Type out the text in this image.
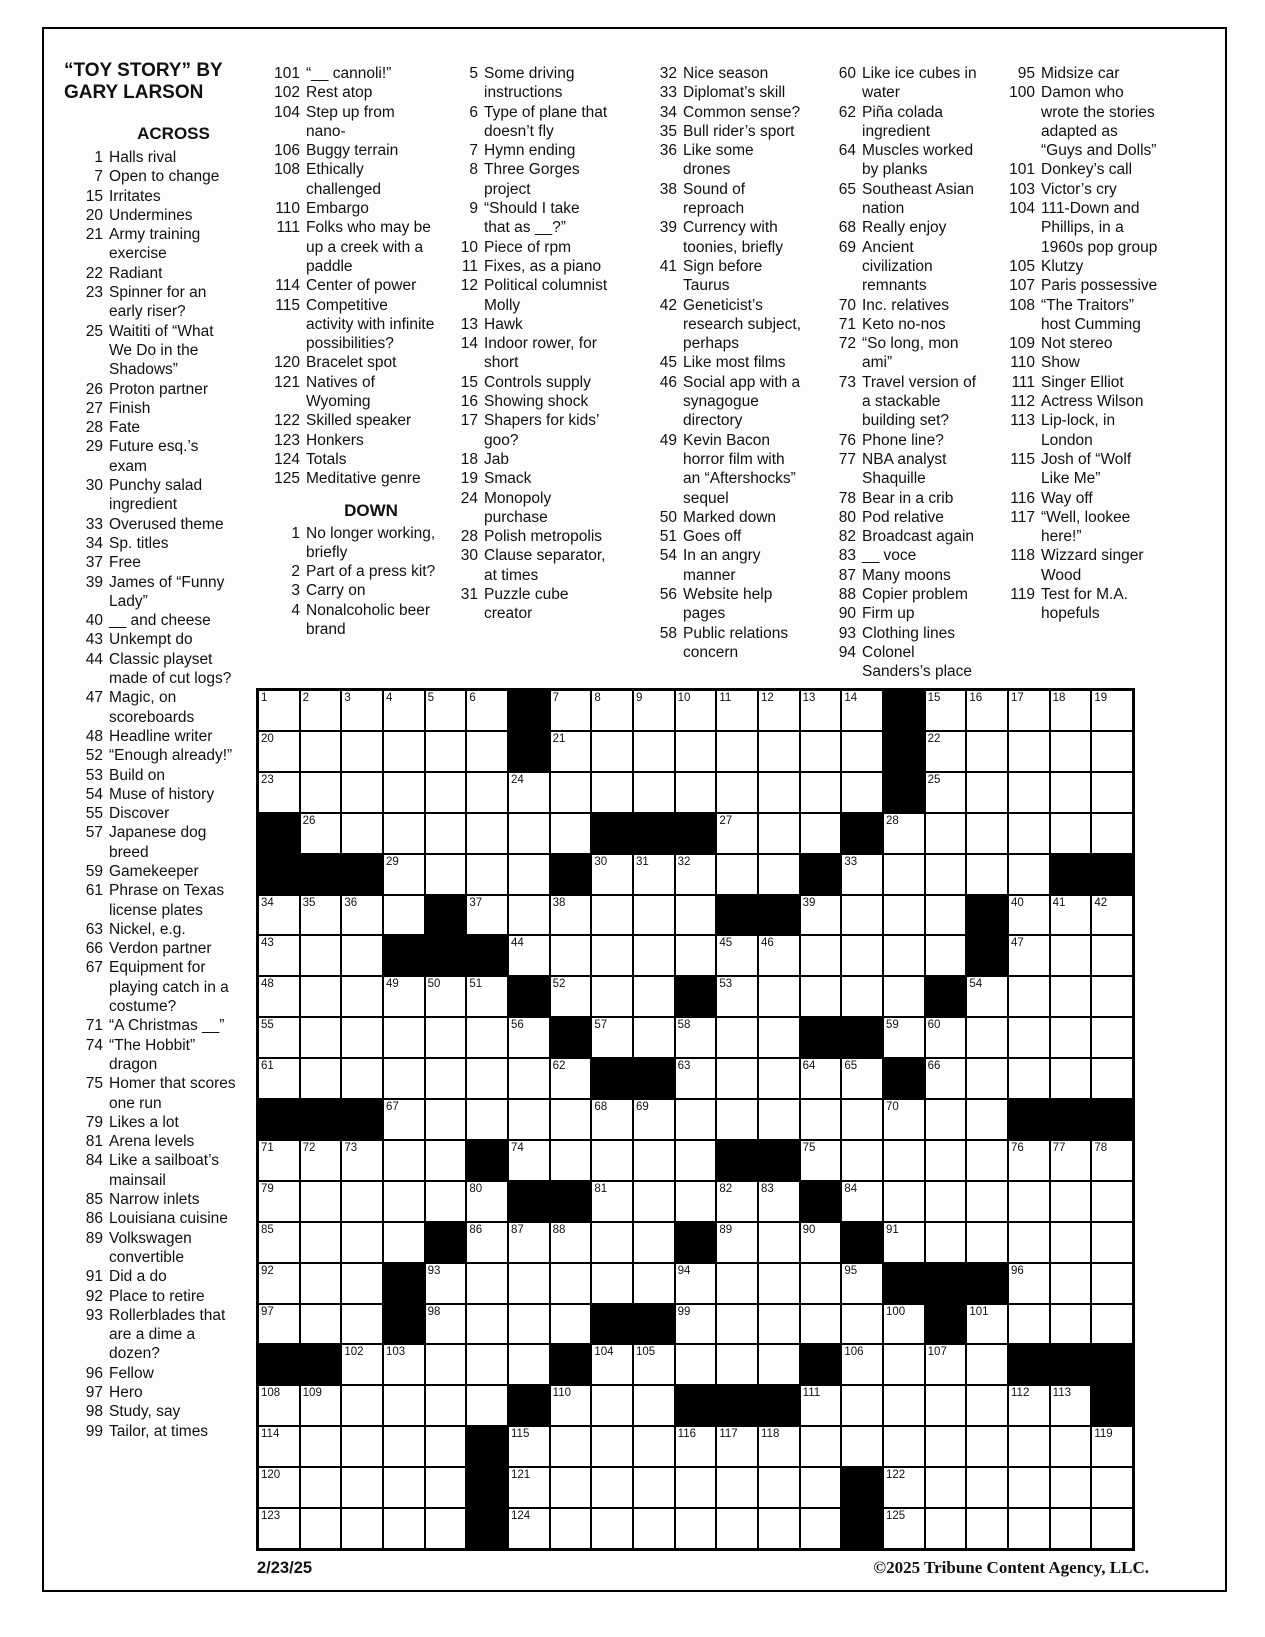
“TOY STORY” BY
GARY LARSON
ACROSS
1 Halls rival
7 Open to change
15 Irritates
20 Undermines
21 Army training exercise
22 Radiant
23 Spinner for an early riser?
25 Waititi of “What We Do in the Shadows”
26 Proton partner
27 Finish
28 Fate
29 Future esq.’s exam
30 Punchy salad ingredient
33 Overused theme
34 Sp. titles
37 Free
39 James of “Funny Lady”
40 __ and cheese
43 Unkempt do
44 Classic playset made of cut logs?
47 Magic, on scoreboards
48 Headline writer
52 “Enough already!”
53 Build on
54 Muse of history
55 Discover
57 Japanese dog breed
59 Gamekeeper
61 Phrase on Texas license plates
63 Nickel, e.g.
66 Verdon partner
67 Equipment for playing catch in a costume?
71 “A Christmas __”
74 “The Hobbit” dragon
75 Homer that scores one run
79 Likes a lot
81 Arena levels
84 Like a sailboat’s mainsail
85 Narrow inlets
86 Louisiana cuisine
89 Volkswagen convertible
91 Did a do
92 Place to retire
93 Rollerblades that are a dime a dozen?
96 Fellow
97 Hero
98 Study, say
99 Tailor, at times
101 “__ cannoli!”
102 Rest atop
104 Step up from nano-
106 Buggy terrain
108 Ethically challenged
110 Embargo
111 Folks who may be up a creek with a paddle
114 Center of power
115 Competitive activity with infinite possibilities?
120 Bracelet spot
121 Natives of Wyoming
122 Skilled speaker
123 Honkers
124 Totals
125 Meditative genre
DOWN
1 No longer working, briefly
2 Part of a press kit?
3 Carry on
4 Nonalcoholic beer brand
5 Some driving instructions
6 Type of plane that doesn’t fly
7 Hymn ending
8 Three Gorges project
9 “Should I take that as __?”
10 Piece of rpm
11 Fixes, as a piano
12 Political columnist Molly
13 Hawk
14 Indoor rower, for short
15 Controls supply
16 Showing shock
17 Shapers for kids’ goo?
18 Jab
19 Smack
24 Monopoly purchase
28 Polish metropolis
30 Clause separator, at times
31 Puzzle cube creator
32 Nice season
33 Diplomat’s skill
34 Common sense?
35 Bull rider’s sport
36 Like some drones
38 Sound of reproach
39 Currency with toonies, briefly
41 Sign before Taurus
42 Geneticist’s research subject, perhaps
45 Like most films
46 Social app with a synagogue directory
49 Kevin Bacon horror film with an “Aftershocks” sequel
50 Marked down
51 Goes off
54 In an angry manner
56 Website help pages
58 Public relations concern
60 Like ice cubes in water
62 Piña colada ingredient
64 Muscles worked by planks
65 Southeast Asian nation
68 Really enjoy
69 Ancient civilization remnants
70 Inc. relatives
71 Keto no-nos
72 “So long, mon ami”
73 Travel version of a stackable building set?
76 Phone line?
77 NBA analyst Shaquille
78 Bear in a crib
80 Pod relative
82 Broadcast again
83 __ voce
87 Many moons
88 Copier problem
90 Firm up
93 Clothing lines
94 Colonel Sanders’s place
95 Midsize car
100 Damon who wrote the stories adapted as “Guys and Dolls”
101 Donkey’s call
103 Victor’s cry
104 111-Down and Phillips, in a 1960s pop group
105 Klutzy
107 Paris possessive
108 “The Traitors” host Cumming
109 Not stereo
110 Show
111 Singer Elliot
112 Actress Wilson
113 Lip-lock, in London
115 Josh of “Wolf Like Me”
116 Way off
117 “Well, lookee here!”
118 Wizzard singer Wood
119 Test for M.A. hopefuls
1	2	3	4	5	6	7	8	9	10	11	12	13	14	15	16	17	18	19
20	21	22
23	24	25
26	27	28
29	30	31	32	33
34	35	36	37	38	39	40	41	42
43	44	45	46	47
48	49	50	51	52	53	54
55	56	57	58	59	60
61	62	63	64	65	66
67	68	69	70
71	72	73	74	75	76	77	78
79	80	81	82	83	84
85	86	87	88	89	90	91
92	93	94	95	96
97	98	99	100	101
102 103	104 105	106	107
108 109	110	111	112 113
114	115	116 117 118	119
120	121	122
123	124	125
2/23/25	©2025 Tribune Content Agency, LLC.
